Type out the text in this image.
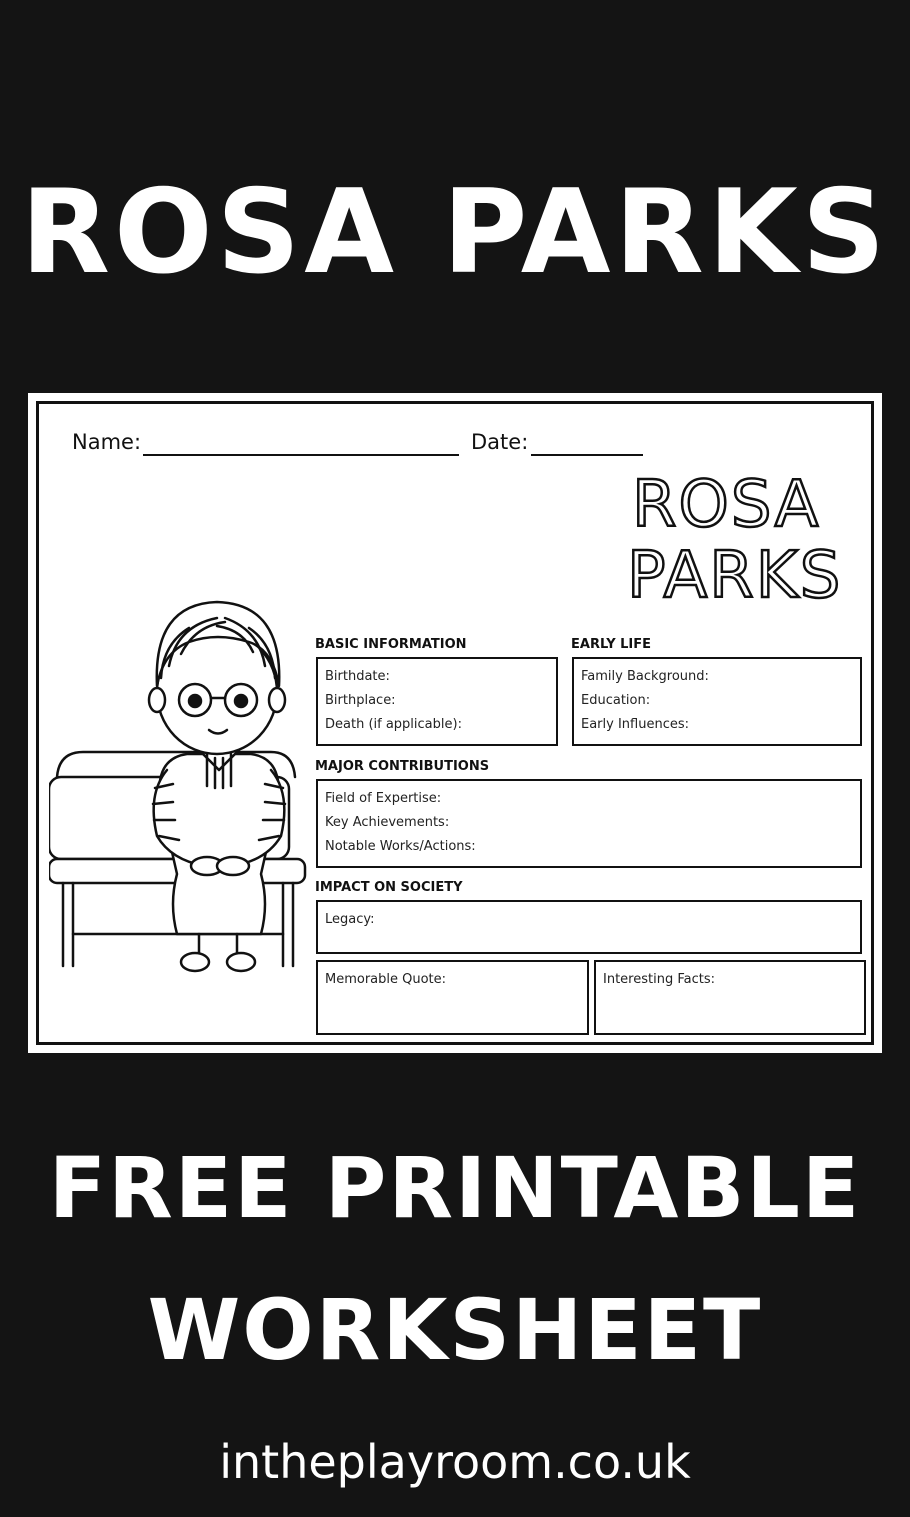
ROSA PARKS
Name:	Date:
ROSA
PARKS
BASIC INFORMATION
Birthdate:
Birthplace:
Death (if applicable):
EARLY LIFE
Family Background:
Education:
Early Influences:
MAJOR CONTRIBUTIONS
Field of Expertise:
Key Achievements:
Notable Works/Actions:
IMPACT ON SOCIETY
Legacy:
Memorable Quote:	Interesting Facts:
FREE PRINTABLE
WORKSHEET
intheplayroom.co.uk
